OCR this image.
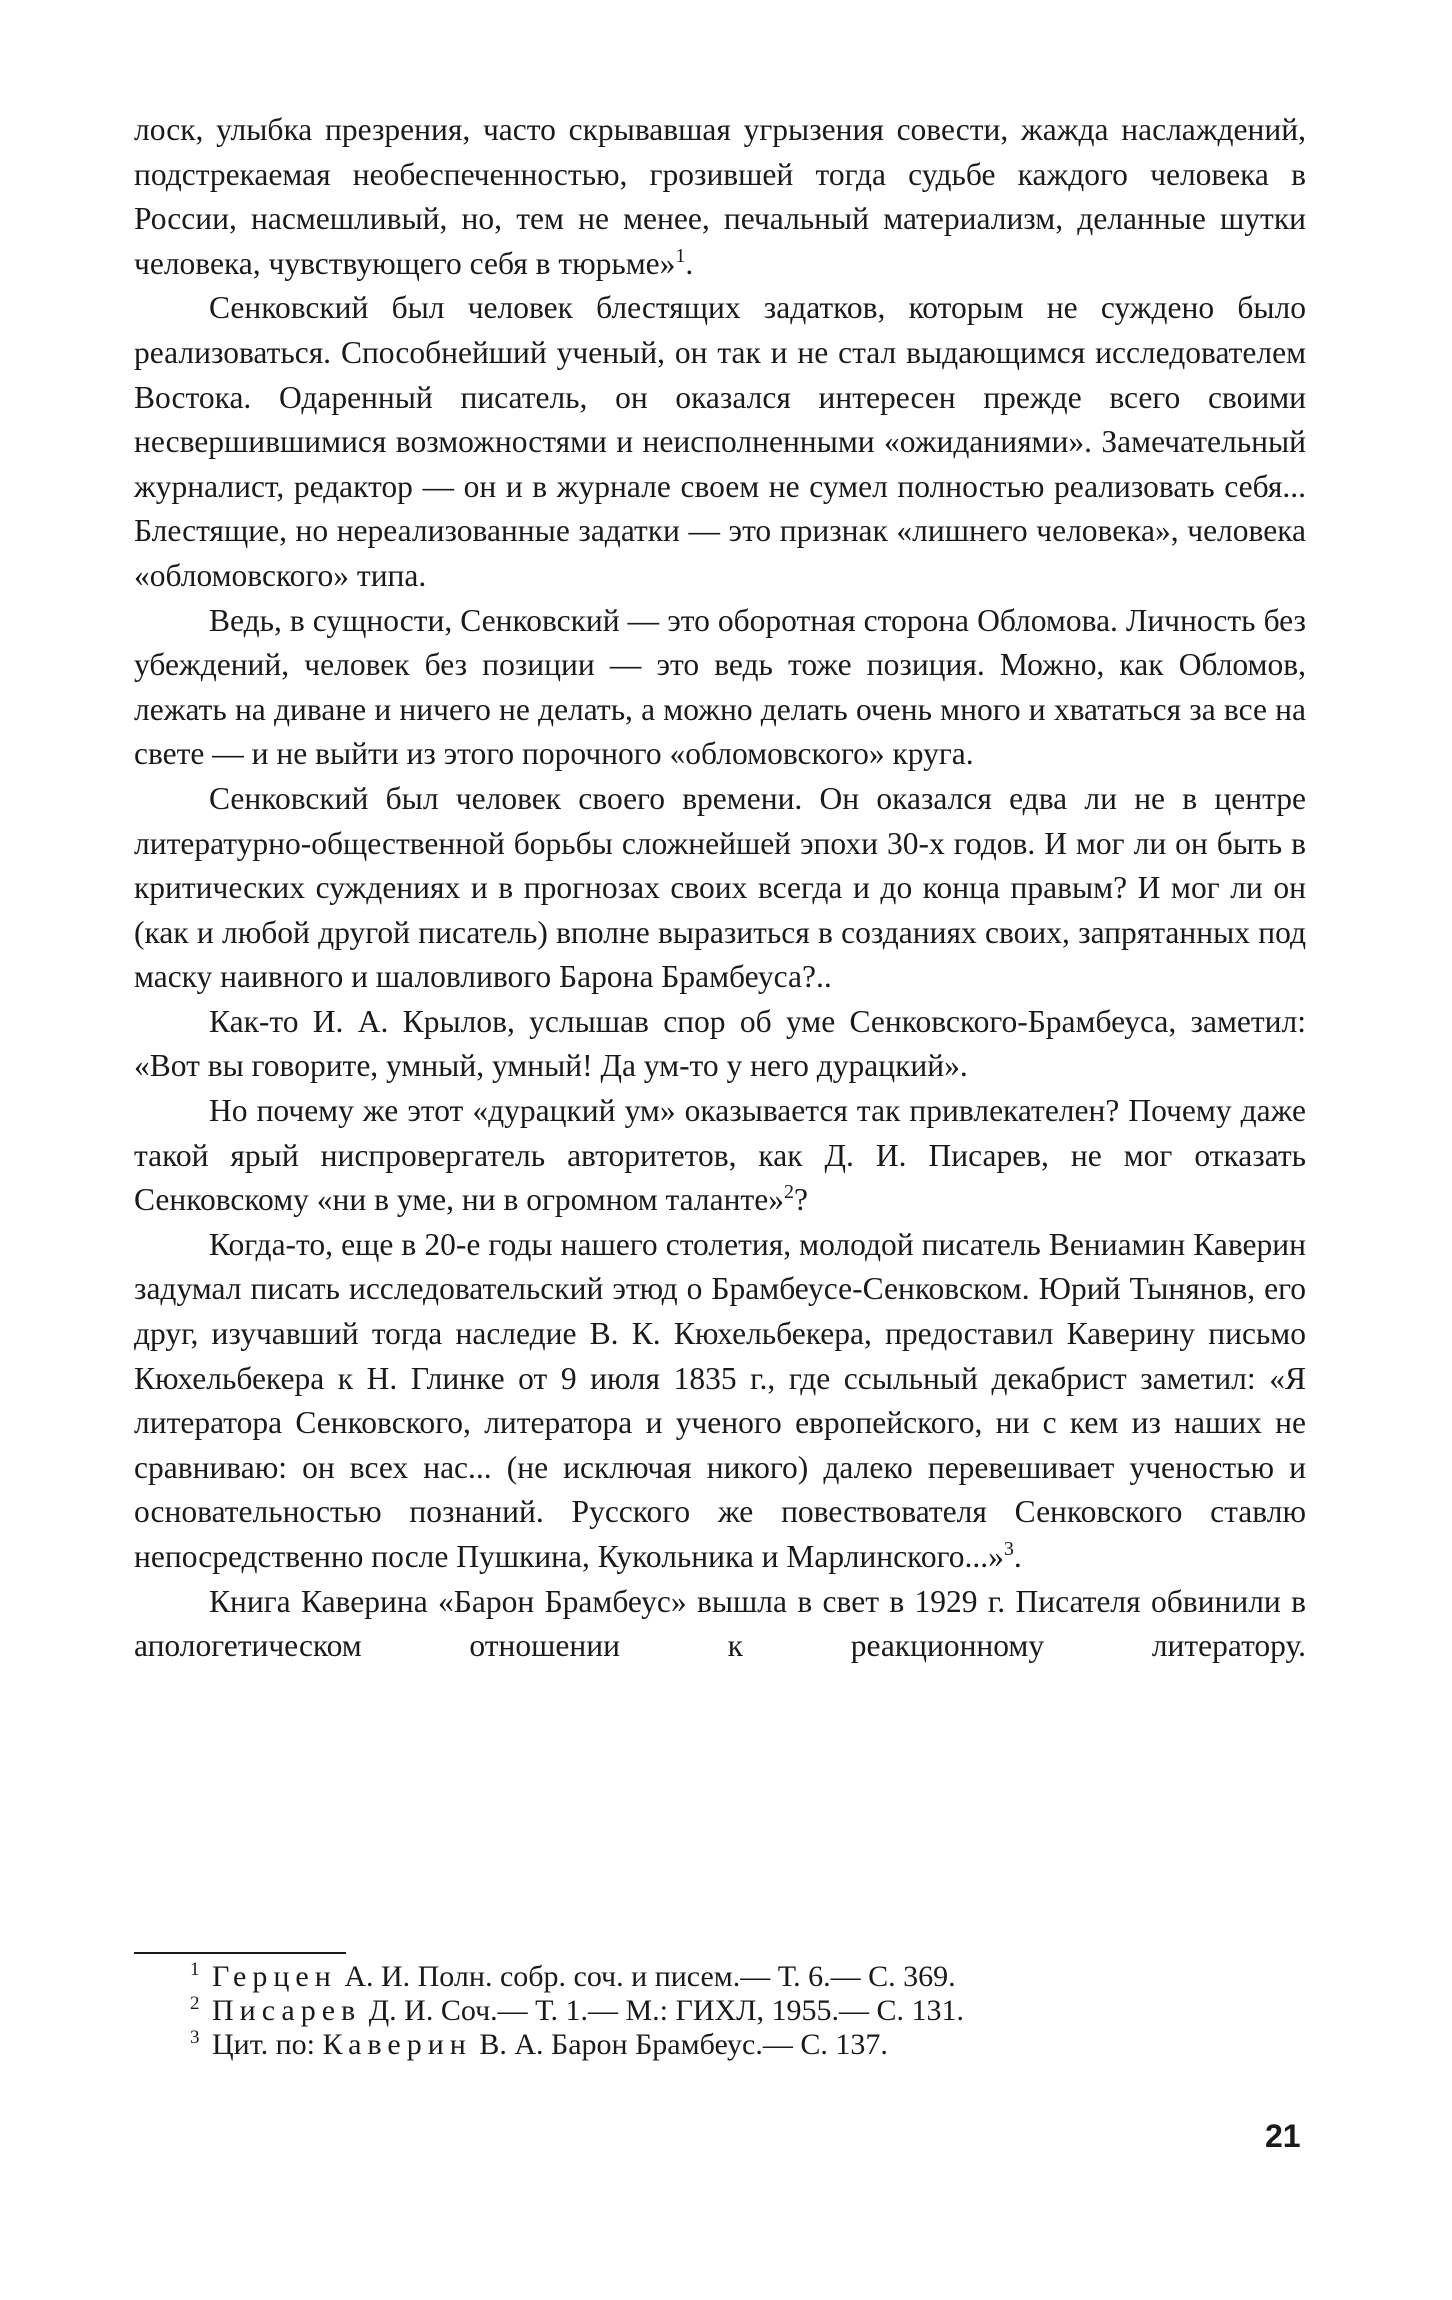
лоск, улыбка презрения, часто скрывавшая угрызения совести, жажда наслаждений, подстрекаемая необеспеченностью, грозившей тогда судьбе каждого человека в России, насмешливый, но, тем не менее, печальный материализм, деланные шутки человека, чувствующего себя в тюрьме»$^1$.

Сенковский был человек блестящих задатков, которым не суждено было реализоваться. Способнейший ученый, он так и не стал выдающимся исследователем Востока. Одаренный писатель, он оказался интересен прежде всего своими несвершившимися возможностями и неисполненными «ожиданиями». Замечательный журналист, редактор — он и в журнале своем не сумел полностью реализовать себя... Блестящие, но нереализованные задатки — это признак «лишнего человека», человека «обломовского» типа.

Ведь, в сущности, Сенковский — это оборотная сторона Обломова. Личность без убеждений, человек без позиции — это ведь тоже позиция. Можно, как Обломов, лежать на диване и ничего не делать, а можно делать очень много и хвататься за все на свете — и не выйти из этого порочного «обломовского» круга.

Сенковский был человек своего времени. Он оказался едва ли не в центре литературно-общественной борьбы сложнейшей эпохи 30-х годов. И мог ли он быть в критических суждениях и в прогнозах своих всегда и до конца правым? И мог ли он (как и любой другой писатель) вполне выразиться в созданиях своих, запрятанных под маску наивного и шаловливого Барона Брамбеуса?..

Как-то И. А. Крылов, услышав спор об уме Сенковского-Брамбеуса, заметил: «Вот вы говорите, умный, умный! Да ум-то у него дурацкий».

Но почему же этот «дурацкий ум» оказывается так привлекателен? Почему даже такой ярый ниспровергатель авторитетов, как Д. И. Писарев, не мог отказать Сенковскому «ни в уме, ни в огромном таланте»$^2$?

Когда-то, еще в 20-е годы нашего столетия, молодой писатель Вениамин Каверин задумал писать исследовательский этюд о Брамбеусе-Сенковском. Юрий Тынянов, его друг, изучавший тогда наследие В. К. Кюхельбекера, предоставил Каверину письмо Кюхельбекера к Н. Глинке от 9 июля 1835 г., где ссыльный декабрист заметил: «Я литератора Сенковского, литератора и ученого европейского, ни с кем из наших не сравниваю: он всех нас... (не исключая никого) далеко перевешивает ученостью и основательностью познаний. Русского же повествователя Сенковского ставлю непосредственно после Пушкина, Кукольника и Марлинского...»$^3$.

Книга Каверина «Барон Брамбеус» вышла в свет в 1929 г. Писателя обвинили в апологетическом отношении к реакционному литератору.

1 Герцен А. И. Полн. собр. соч. и писем.— Т. 6.— С. 369.

2 Писарев Д. И. Соч.— Т. 1.— М.: ГИХЛ, 1955.— С. 131.

3 Цит. по: Каверин В. А. Барон Брамбеус.— С. 137.

21
